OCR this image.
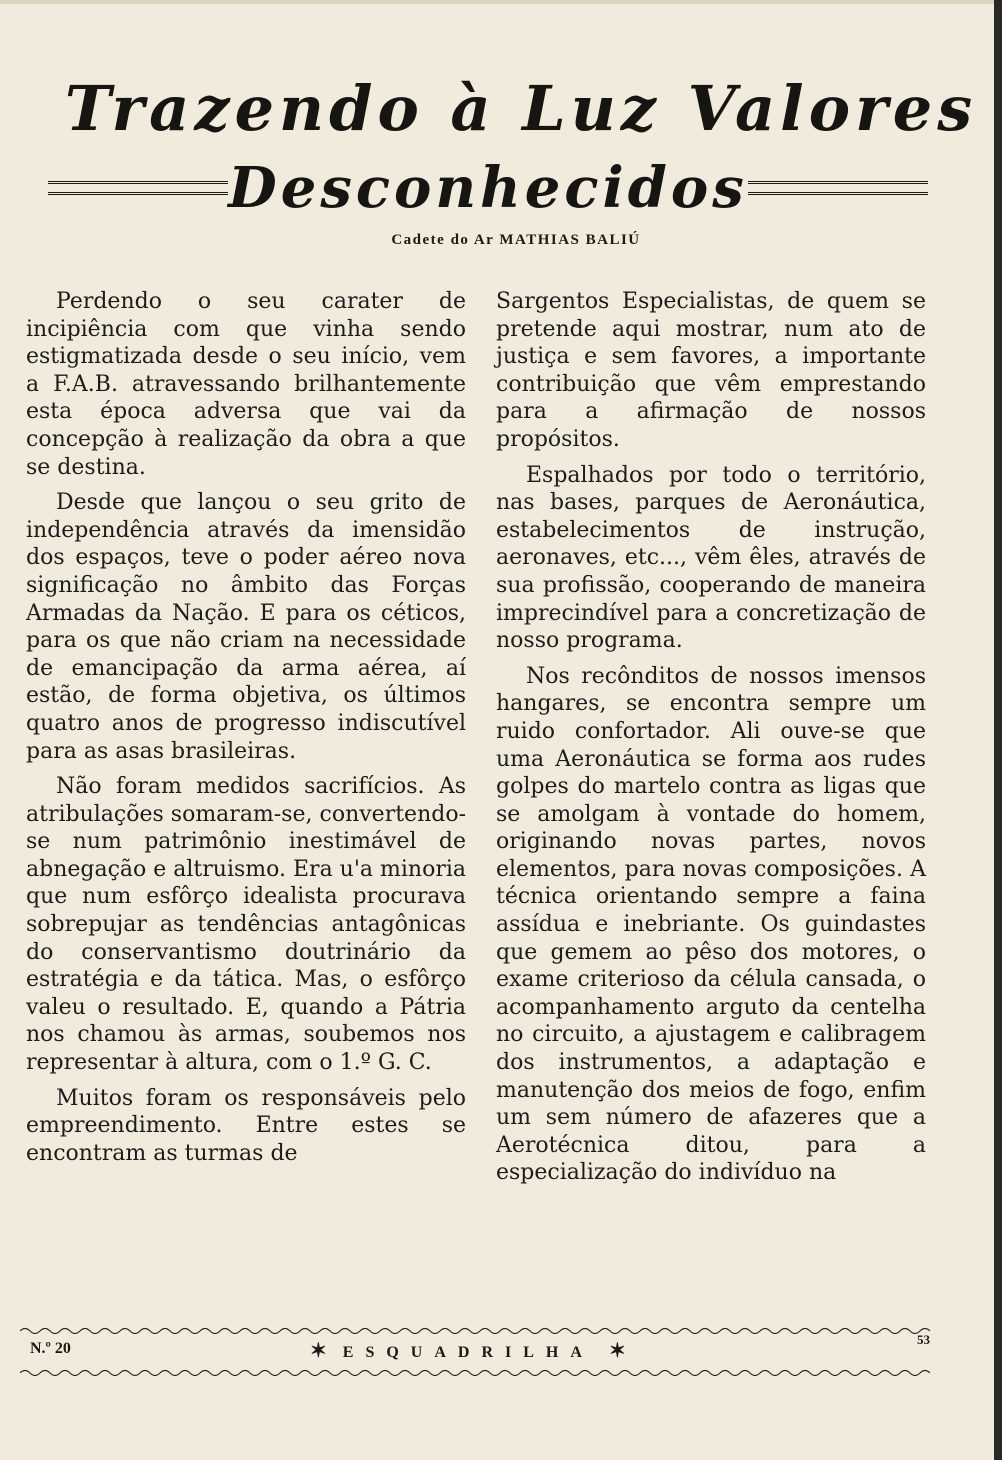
Trazendo à Luz Valores
Desconhecidos
Cadete do Ar MATHIAS BALIÚ

Perdendo o seu carater de incipiência com que vinha sendo estigmatizada desde o seu início, vem a F.A.B. atravessando brilhantemente esta época adversa que vai da concepção à realização da obra a que se destina.

Desde que lançou o seu grito de independência através da imensidão dos espaços, teve o poder aéreo nova significação no âmbito das Forças Armadas da Nação. E para os céticos, para os que não criam na necessidade de emancipação da arma aérea, aí estão, de forma objetiva, os últimos quatro anos de progresso indiscutível para as asas brasileiras.

Não foram medidos sacrifícios. As atribulações somaram-se, convertendo-se num patrimônio inestimável de abnegação e altruismo. Era u'a minoria que num esfôrço idealista procurava sobrepujar as tendências antagônicas do conservantismo doutrinário da estratégia e da tática. Mas, o esfôrço valeu o resultado. E, quando a Pátria nos chamou às armas, soubemos nos representar à altura, com o 1.º G. C.

Muitos foram os responsáveis pelo empreendimento. Entre estes se encontram as turmas de

Sargentos Especialistas, de quem se pretende aqui mostrar, num ato de justiça e sem favores, a importante contribuição que vêm emprestando para a afirmação de nossos propósitos.

Espalhados por todo o território, nas bases, parques de Aeronáutica, estabelecimentos de instrução, aeronaves, etc..., vêm êles, através de sua profissão, cooperando de maneira imprecindível para a concretização de nosso programa.

Nos recônditos de nossos imensos hangares, se encontra sempre um ruido confortador. Ali ouve-se que uma Aeronáutica se forma aos rudes golpes do martelo contra as ligas que se amolgam à vontade do homem, originando novas partes, novos elementos, para novas composições. A técnica orientando sempre a faina assídua e inebriante. Os guindastes que gemem ao pêso dos motores, o exame criterioso da célula cansada, o acompanhamento arguto da centelha no circuito, a ajustagem e calibragem dos instrumentos, a adaptação e manutenção dos meios de fogo, enfim um sem número de afazeres que a Aerotécnica ditou, para a especialização do indivíduo na

N.º 20	✶ ESQUADRILHA ✶
53
